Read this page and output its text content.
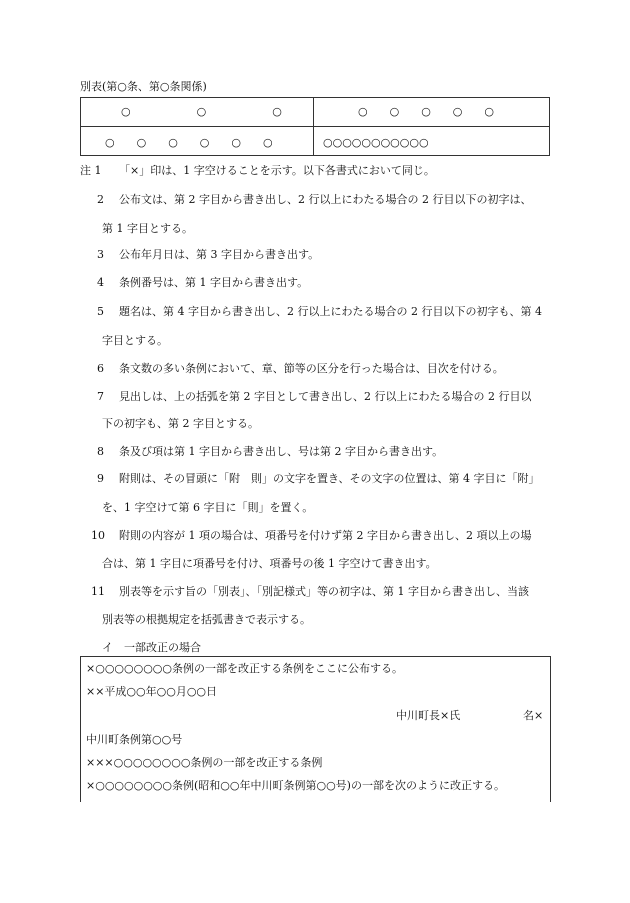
別表(第○条、第○条関係)
○　　　　　　○　　　　　　○	○　　○　　○　　○　　○
○　　○　　○　　○　　○　　○	○○○○○○○○○○○
注 1 「×」印は、1 字空けることを示す。以下各書式において同じ。
2 公布文は、第 2 字目から書き出し、2 行以上にわたる場合の 2 行目以下の初字は、
第 1 字目とする。
3 公布年月日は、第 3 字目から書き出す。
4 条例番号は、第 1 字目から書き出す。
5 題名は、第 4 字目から書き出し、2 行以上にわたる場合の 2 行目以下の初字も、第 4
字目とする。
6 条文数の多い条例において、章、節等の区分を行った場合は、目次を付ける。
7 見出しは、上の括弧を第 2 字目として書き出し、2 行以上にわたる場合の 2 行目以
下の初字も、第 2 字目とする。
8 条及び項は第 1 字目から書き出し、号は第 2 字目から書き出す。
9 附則は、その冒頭に「附　則」の文字を置き、その文字の位置は、第 4 字目に「附」
を、1 字空けて第 6 字目に「則」を置く。
10 附則の内容が 1 項の場合は、項番号を付けず第 2 字目から書き出し、2 項以上の場
合は、第 1 字目に項番号を付け、項番号の後 1 字空けて書き出す。
11 別表等を示す旨の「別表」、「別記様式」等の初字は、第 1 字目から書き出し、当該
別表等の根拠規定を括弧書きで表示する。
イ　一部改正の場合
×○○○○○○○○条例の一部を改正する条例をここに公布する。
××平成○○年○○月○○日
中川町長×氏	名×
中川町条例第○○号
×××○○○○○○○○条例の一部を改正する条例
×○○○○○○○○条例(昭和○○年中川町条例第○○号)の一部を次のように改正する。
